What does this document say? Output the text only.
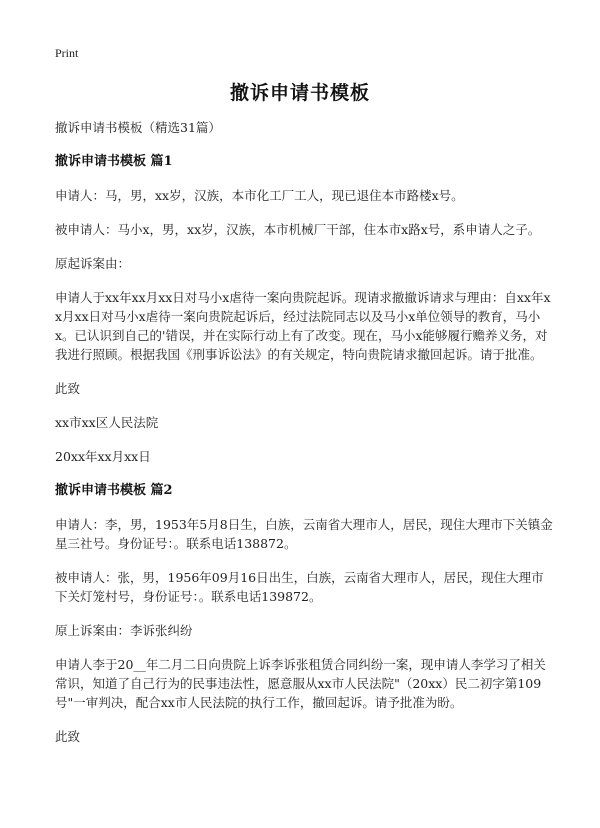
Print
撤诉申请书模板

撤诉申请书模板（精选31篇）

撤诉申请书模板 篇1

申请人：马，男，xx岁，汉族，本市化工厂工人，现已退住本市路楼x号。

被申请人：马小x，男，xx岁，汉族，本市机械厂干部，住本市x路x号，系申请人之子。

原起诉案由：

申请人于xx年xx月xx日对马小x虐待一案向贵院起诉。现请求撤撤诉请求与理由：自xx年xx月xx日对马小x虐待一案向贵院起诉后，经过法院同志以及马小x单位领导的教育，马小x。已认识到自己的'错误，并在实际行动上有了改变。现在，马小x能够履行赡养义务，对我进行照顾。根据我国《刑事诉讼法》的有关规定，特向贵院请求撤回起诉。请于批准。

此致

xx市xx区人民法院

20xx年xx月xx日

撤诉申请书模板 篇2

申请人：李，男，1953年5月8日生，白族，云南省大理市人，居民，现住大理市下关镇金星三社号。身份证号：。联系电话138872。

被申请人：张，男，1956年09月16日出生，白族，云南省大理市人，居民，现住大理市下关灯笼村号，身份证号：。联系电话139872。

原上诉案由：李诉张纠纷

申请人李于20__年二月二日向贵院上诉李诉张租赁合同纠纷一案，现申请人李学习了相关常识，知道了自己行为的民事违法性，愿意服从xx市人民法院"（20xx）民二初字第109号"一审判决，配合xx市人民法院的执行工作，撤回起诉。请予批准为盼。

此致
